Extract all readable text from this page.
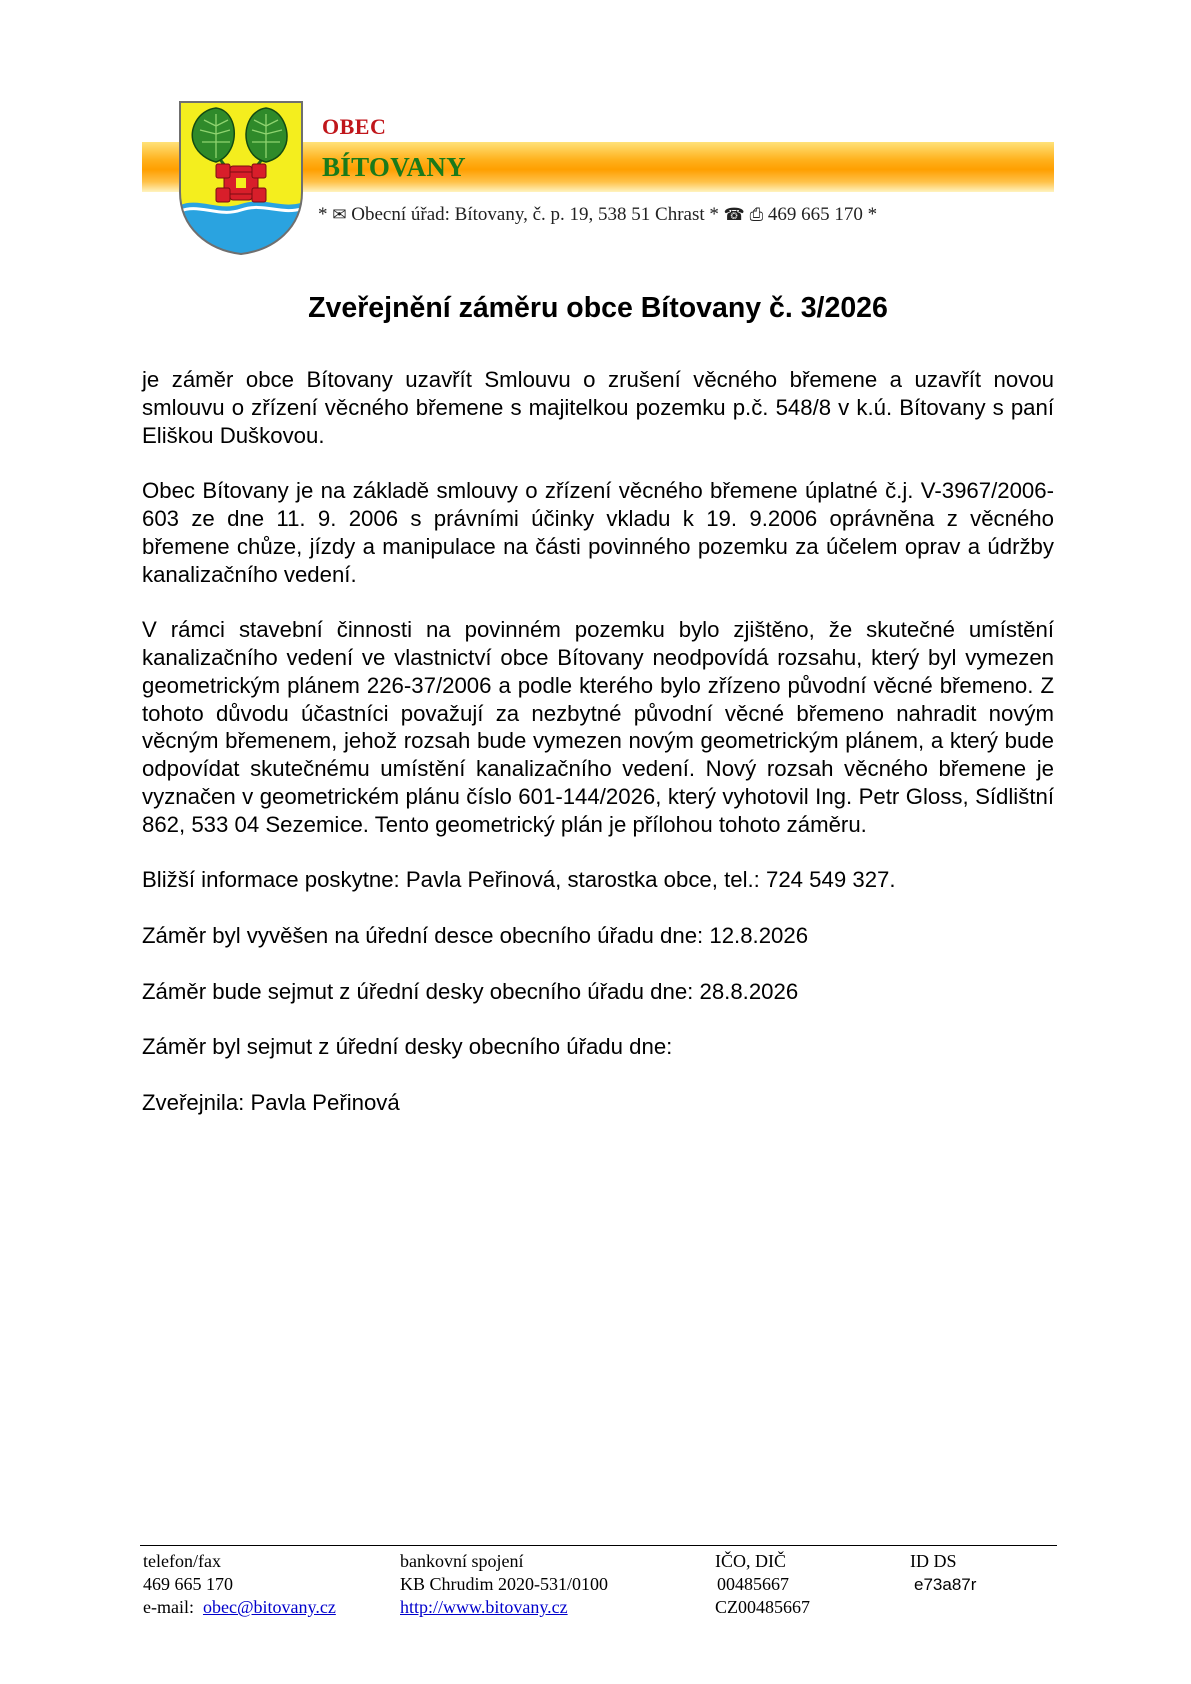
OBEC
BÍTOVANY
* ✉ Obecní úřad: Bítovany, č. p. 19, 538 51 Chrast * ☎ ⎙ 469 665 170 *
Zveřejnění záměru obce Bítovany č. 3/2026

je záměr obce Bítovany uzavřít Smlouvu o zrušení věcného břemene a uzavřít novou smlouvu o zřízení věcného břemene s majitelkou pozemku p.č. 548/8 v k.ú. Bítovany s paní Eliškou Duškovou.

Obec Bítovany je na základě smlouvy o zřízení věcného břemene úplatné č.j. V-3967/2006-603 ze dne 11. 9. 2006 s právními účinky vkladu k 19. 9.2006 oprávněna z věcného břemene chůze, jízdy a manipulace na části povinného pozemku za účelem oprav a údržby kanalizačního vedení.

V rámci stavební činnosti na povinném pozemku bylo zjištěno, že skutečné umístění kanalizačního vedení ve vlastnictví obce Bítovany neodpovídá rozsahu, který byl vymezen geometrickým plánem 226-37/2006 a podle kterého bylo zřízeno původní věcné břemeno. Z tohoto důvodu účastníci považují za nezbytné původní věcné břemeno nahradit novým věcným břemenem, jehož rozsah bude vymezen novým geometrickým plánem, a který bude odpovídat skutečnému umístění kanalizačního vedení. Nový rozsah věcného břemene je vyznačen v geometrickém plánu číslo 601-144/2026, který vyhotovil Ing. Petr Gloss, Sídlištní 862, 533 04 Sezemice. Tento geometrický plán je přílohou tohoto záměru.

Bližší informace poskytne: Pavla Peřinová, starostka obce, tel.: 724 549 327.

Záměr byl vyvěšen na úřední desce obecního úřadu dne: 12.8.2026

Záměr bude sejmut z úřední desky obecního úřadu dne: 28.8.2026

Záměr byl sejmut z úřední desky obecního úřadu dne:

Zveřejnila: Pavla Peřinová

telefon/fax
469 665 170
e-mail: obec@bitovany.cz
bankovní spojení
KB Chrudim 2020-531/0100
http://www.bitovany.cz
IČO, DIČ
00485667
CZ00485667
ID DS
e73a87r
